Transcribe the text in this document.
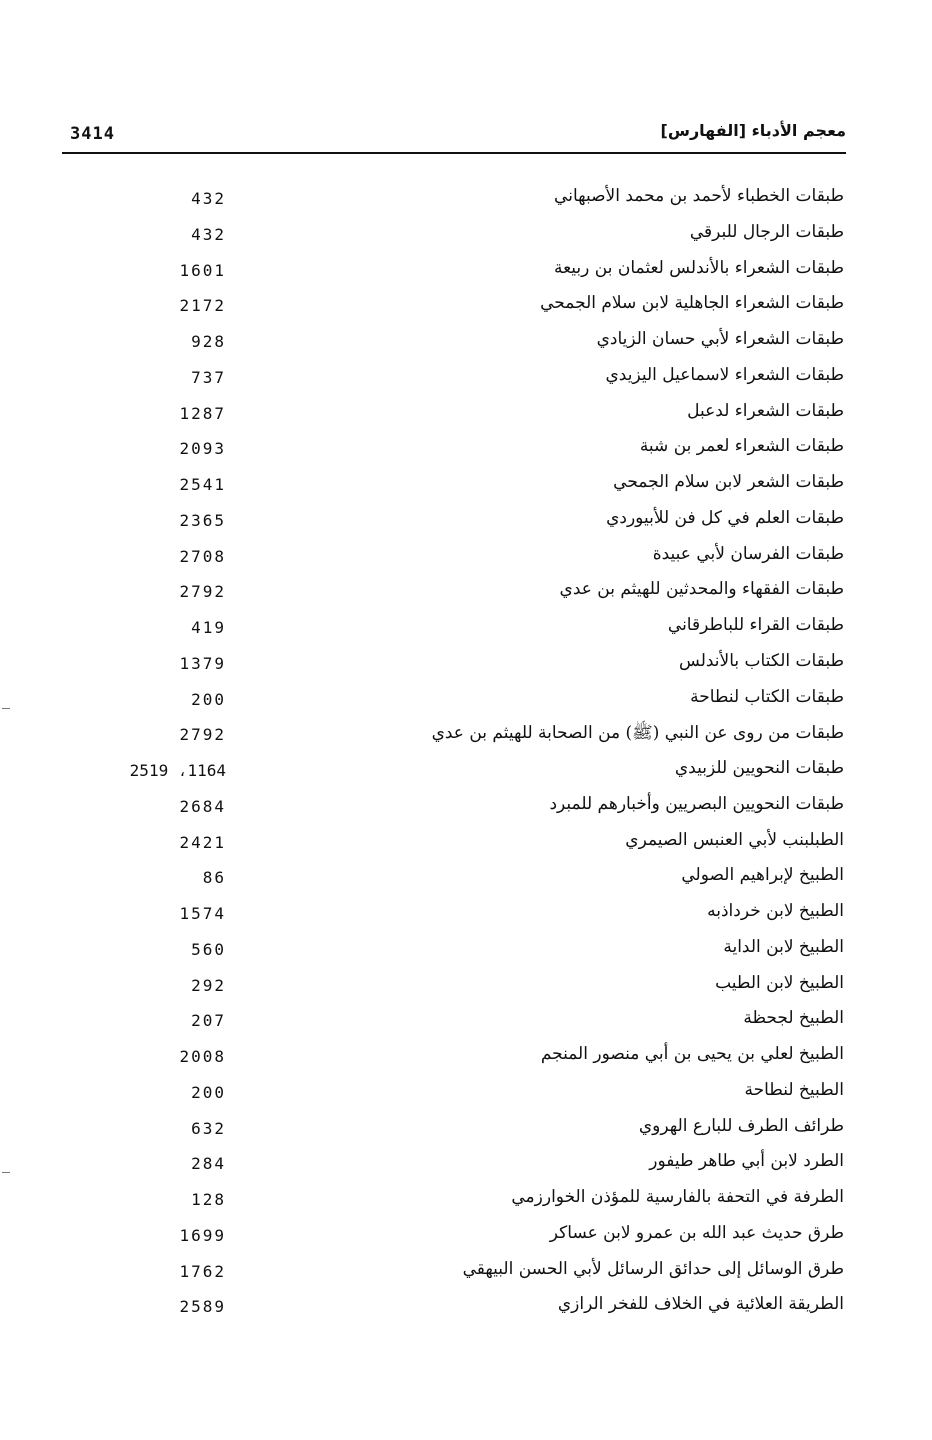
3414	معجم الأدباء [الفهارس]
طبقات الخطباء لأحمد بن محمد الأصبهاني
432
طبقات الرجال للبرقي
432
طبقات الشعراء بالأندلس لعثمان بن ربيعة
1601
طبقات الشعراء الجاهلية لابن سلام الجمحي
2172
طبقات الشعراء لأبي حسان الزيادي
928
طبقات الشعراء لاسماعيل اليزيدي
737
طبقات الشعراء لدعبل
1287
طبقات الشعراء لعمر بن شبة
2093
طبقات الشعر لابن سلام الجمحي
2541
طبقات العلم في كل فن للأبيوردي
2365
طبقات الفرسان لأبي عبيدة
2708
طبقات الفقهاء والمحدثين للهيثم بن عدي
2792
طبقات القراء للباطرقاني
419
طبقات الكتاب بالأندلس
1379
طبقات الكتاب لنطاحة
200
طبقات من روى عن النبي (ﷺ) من الصحابة للهيثم بن عدي
2792
طبقات النحويين للزبيدي
1164، 2519
طبقات النحويين البصريين وأخبارهم للمبرد
2684
الطبلبنب لأبي العنبس الصيمري
2421
الطبيخ لإبراهيم الصولي
86
الطبيخ لابن خرداذبه
1574
الطبيخ لابن الداية
560
الطبيخ لابن الطيب
292
الطبيخ لجحظة
207
الطبيخ لعلي بن يحيى بن أبي منصور المنجم
2008
الطبيخ لنطاحة
200
طرائف الطرف للبارع الهروي
632
الطرد لابن أبي طاهر طيفور
284
الطرفة في التحفة بالفارسية للمؤذن الخوارزمي
128
طرق حديث عبد الله بن عمرو لابن عساكر
1699
طرق الوسائل إلى حدائق الرسائل لأبي الحسن البيهقي
1762
الطريقة العلائية في الخلاف للفخر الرازي
2589
